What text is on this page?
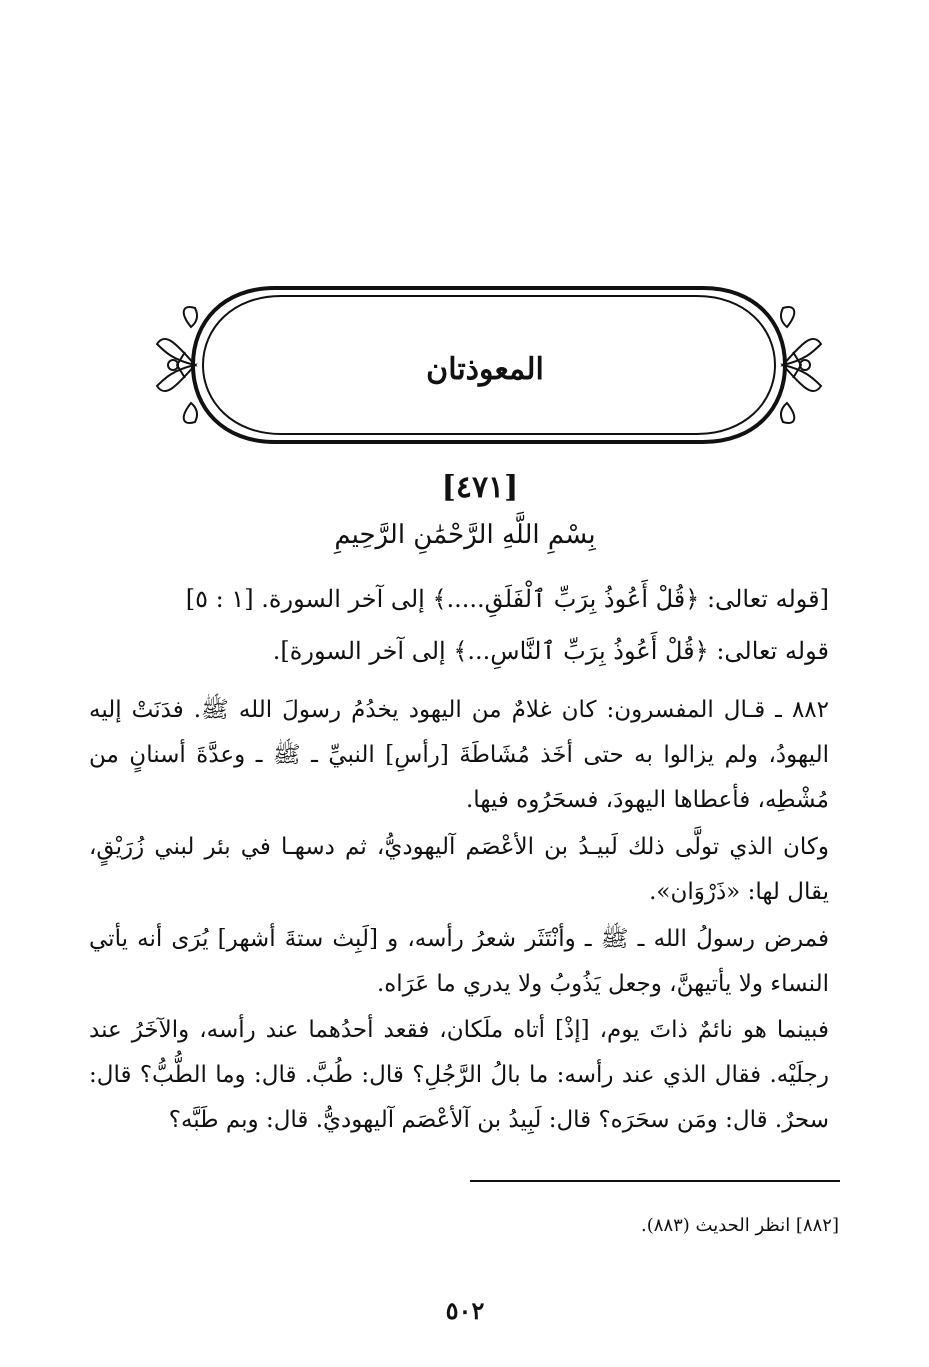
المعوذتان
[٤٧١]
بِسْمِ اللَّهِ الرَّحْمَٰنِ الرَّحِيمِ
[قوله تعالى: ﴿قُلْ أَعُوذُ بِرَبِّ ٱلْفَلَقِ.....﴾ إلى آخر السورة. [١ : ٥]
قوله تعالى: ﴿قُلْ أَعُوذُ بِرَبِّ ٱلنَّاسِ...﴾ إلى آخر السورة].
٨٨٢ ـ قـال المفسرون: كان غلامٌ من اليهود يخدُمُ رسولَ الله ﷺ. فدَنَتْ إليه اليهودُ، ولم يزالوا به حتى أخَذ مُشَاطَةَ [رأسِ] النبيِّ ـ ﷺ ـ وعدَّةَ أسنانٍ من مُشْطِه، فأعطاها اليهودَ، فسحَرُوه فيها.
وكان الذي تولَّى ذلك لَبيـدُ بن الأعْصَم آليهوديُّ، ثم دسهـا في بئر لبني زُرَيْقٍ، يقال لها: «ذَرْوَان».
فمرض رسولُ الله ـ ﷺ ـ وأنْتَثَر شعرُ رأسه، و [لَبِث ستةَ أشهر] يُرَى أنه يأتي النساء ولا يأتيهنَّ، وجعل يَذُوبُ ولا يدري ما عَرَاه.
فبينما هو نائمٌ ذاتَ يوم، [إذْ] أتاه ملَكان، فقعد أحدُهما عند رأسه، والآخَرُ عند رجلَيْه. فقال الذي عند رأسه: ما بالُ الرَّجُلِ؟ قال: طُبَّ. قال: وما الطُّبُّ؟ قال: سحرٌ. قال: ومَن سحَرَه؟ قال: لَبِيدُ بن آلأعْصَم آليهوديُّ. قال: وبم طَبَّه؟
[٨٨٢] انظر الحديث (٨٨٣).
٥٠٢
